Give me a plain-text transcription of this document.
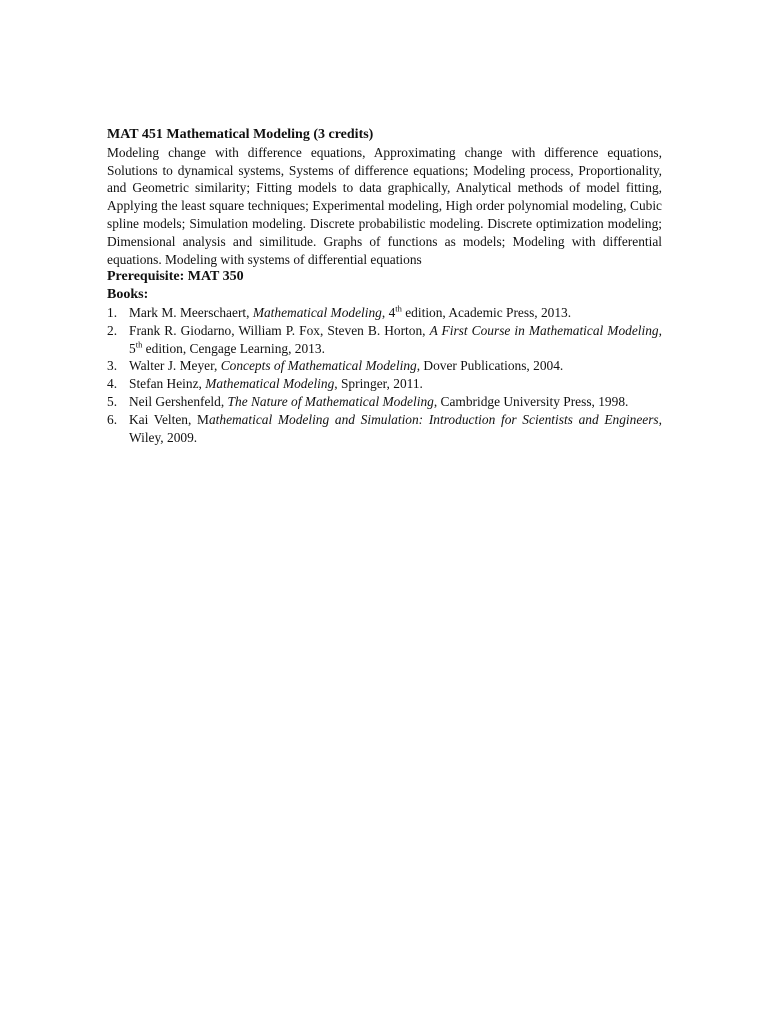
MAT 451 Mathematical Modeling (3 credits)

Modeling change with difference equations, Approximating change with difference equations, Solutions to dynamical systems, Systems of difference equations; Modeling process, Proportionality, and Geometric similarity; Fitting models to data graphically, Analytical methods of model fitting, Applying the least square techniques; Experimental modeling, High order polynomial modeling, Cubic spline models; Simulation modeling. Discrete probabilistic modeling. Discrete optimization modeling; Dimensional analysis and similitude. Graphs of functions as models; Modeling with differential equations. Modeling with systems of differential equations

Prerequisite: MAT 350

Books:

1. Mark M. Meerschaert, Mathematical Modeling, 4th edition, Academic Press, 2013.
2. Frank R. Giodarno, William P. Fox, Steven B. Horton, A First Course in Mathematical Modeling, 5th edition, Cengage Learning, 2013.
3. Walter J. Meyer, Concepts of Mathematical Modeling, Dover Publications, 2004.
4. Stefan Heinz, Mathematical Modeling, Springer, 2011.
5. Neil Gershenfeld, The Nature of Mathematical Modeling, Cambridge University Press, 1998.
6. Kai Velten, Mathematical Modeling and Simulation: Introduction for Scientists and Engineers, Wiley, 2009.
